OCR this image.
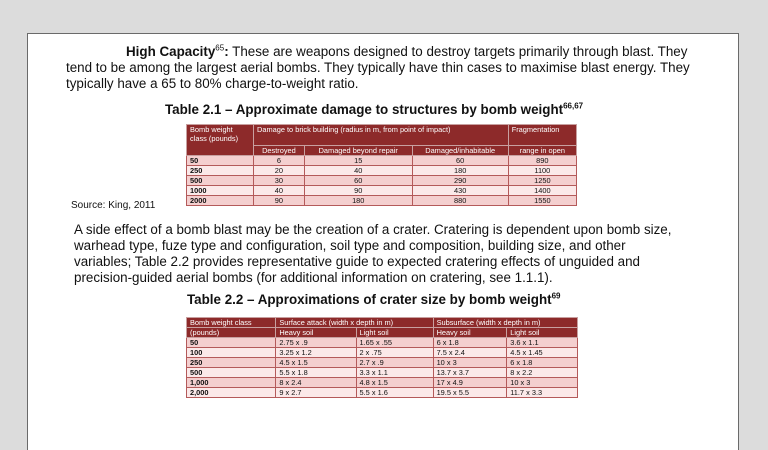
High Capacity$^{65}$: These are weapons designed to destroy targets primarily through blast. They tend to be among the largest aerial bombs. They typically have thin cases to maximise blast energy. They typically have a 65 to 80% charge-to-weight ratio.
Table 2.1 – Approximate damage to structures by bomb weight$^{66,67}$
Bomb weight class (pounds)	Damage to brick building (radius in m, from point of impact)			Fragmentation
	Destroyed	Damaged beyond repair	Damaged/inhabitable	range in open
50	6	15	60	890
250	20	40	180	1100
500	30	60	290	1250
1000	40	90	430	1400
2000	90	180	880	1550
Source: King, 2011
A side effect of a bomb blast may be the creation of a crater. Cratering is dependent upon bomb size, warhead type, fuze type and configuration, soil type and composition, building size, and other variables; Table 2.2 provides representative guide to expected cratering effects of unguided and precision-guided aerial bombs (for additional information on cratering, see 1.1.1).
Table 2.2 – Approximations of crater size by bomb weight$^{69}$
Bomb weight class	Surface attack (width x depth in m)		Subsurface (width x depth in m)	
(pounds)	Heavy soil	Light soil	Heavy soil	Light soil
50	2.75 x .9	1.65 x .55	6 x 1.8	3.6 x 1.1
100	3.25 x 1.2	2 x .75	7.5 x 2.4	4.5 x 1.45
250	4.5 x 1.5	2.7 x .9	10 x 3	6 x 1.8
500	5.5 x 1.8	3.3 x 1.1	13.7 x 3.7	8 x 2.2
1,000	8 x 2.4	4.8 x 1.5	17 x 4.9	10 x 3
2,000	9 x 2.7	5.5 x 1.6	19.5 x 5.5	11.7 x 3.3
